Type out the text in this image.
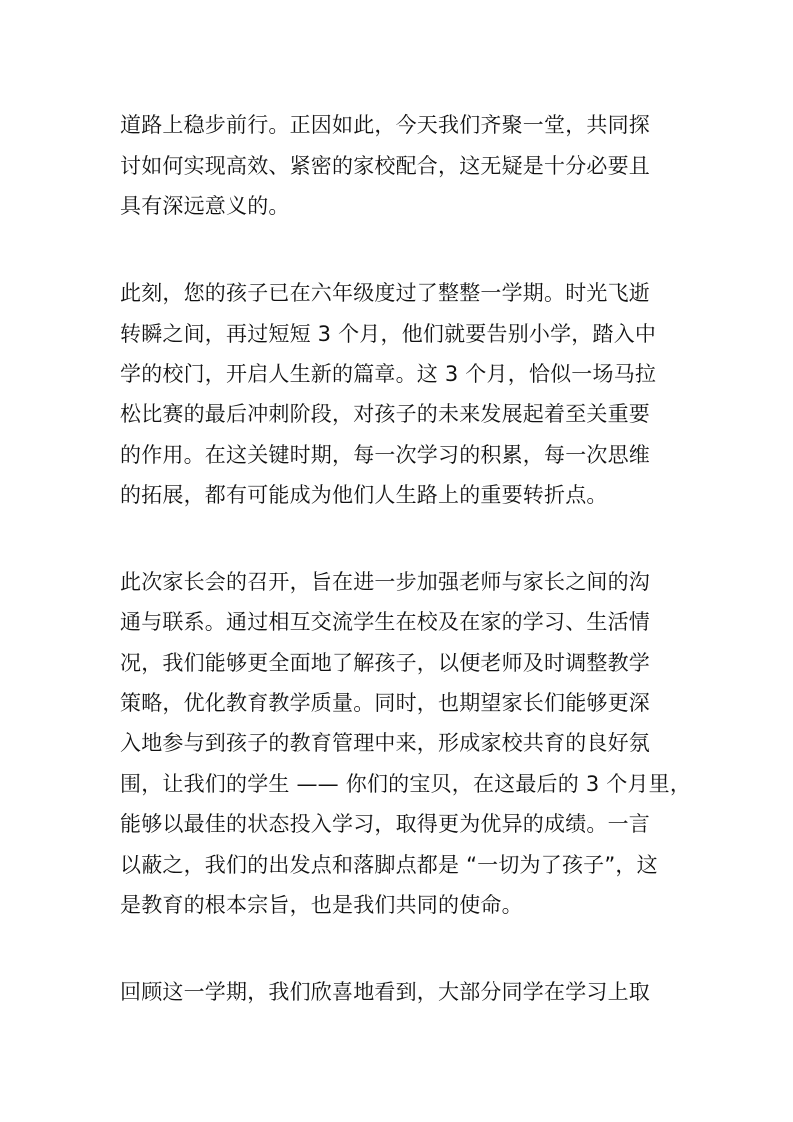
道路上稳步前行。正因如此，今天我们齐聚一堂，共同探
讨如何实现高效、紧密的家校配合，这无疑是十分必要且
具有深远意义的。
此刻，您的孩子已在六年级度过了整整一学期。时光飞逝
转瞬之间，再过短短 3 个月，他们就要告别小学，踏入中
学的校门，开启人生新的篇章。这 3 个月，恰似一场马拉
松比赛的最后冲刺阶段，对孩子的未来发展起着至关重要
的作用。在这关键时期，每一次学习的积累，每一次思维
的拓展，都有可能成为他们人生路上的重要转折点。
此次家长会的召开，旨在进一步加强老师与家长之间的沟
通与联系。通过相互交流学生在校及在家的学习、生活情
况，我们能够更全面地了解孩子，以便老师及时调整教学
策略，优化教育教学质量。同时，也期望家长们能够更深
入地参与到孩子的教育管理中来，形成家校共育的良好氛
围，让我们的学生 —— 你们的宝贝，在这最后的 3 个月里，
能够以最佳的状态投入学习，取得更为优异的成绩。一言
以蔽之，我们的出发点和落脚点都是 “一切为了孩子”，这
是教育的根本宗旨，也是我们共同的使命。
回顾这一学期，我们欣喜地看到，大部分同学在学习上取
